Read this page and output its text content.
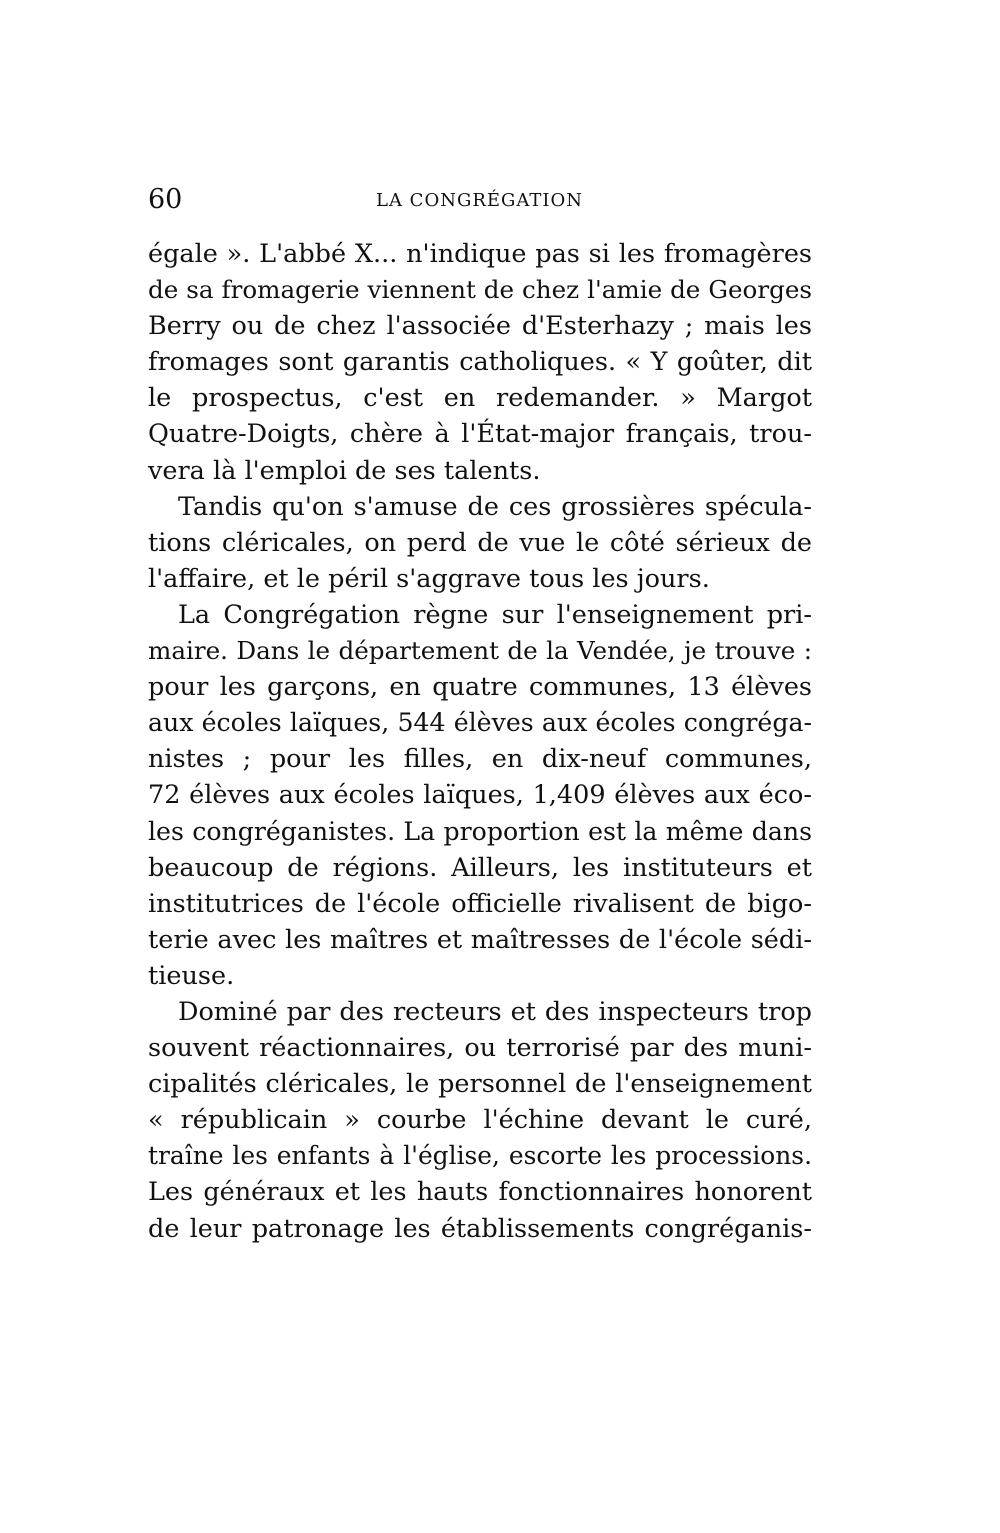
60	LA CONGRÉGATION
égale ». L'abbé X... n'indique pas si les fromagères
de sa fromagerie viennent de chez l'amie de Georges
Berry ou de chez l'associée d'Esterhazy ; mais les
fromages sont garantis catholiques. « Y goûter, dit
le prospectus, c'est en redemander. » Margot
Quatre-Doigts, chère à l'État-major français, trou-
vera là l'emploi de ses talents.
Tandis qu'on s'amuse de ces grossières spécula-
tions cléricales, on perd de vue le côté sérieux de
l'affaire, et le péril s'aggrave tous les jours.
La Congrégation règne sur l'enseignement pri-
maire. Dans le département de la Vendée, je trouve :
pour les garçons, en quatre communes, 13 élèves
aux écoles laïques, 544 élèves aux écoles congréga-
nistes ; pour les filles, en dix-neuf communes,
72 élèves aux écoles laïques, 1,409 élèves aux éco-
les congréganistes. La proportion est la même dans
beaucoup de régions. Ailleurs, les instituteurs et
institutrices de l'école officielle rivalisent de bigo-
terie avec les maîtres et maîtresses de l'école sédi-
tieuse.
Dominé par des recteurs et des inspecteurs trop
souvent réactionnaires, ou terrorisé par des muni-
cipalités cléricales, le personnel de l'enseignement
« républicain » courbe l'échine devant le curé,
traîne les enfants à l'église, escorte les processions.
Les généraux et les hauts fonctionnaires honorent
de leur patronage les établissements congréganis-
